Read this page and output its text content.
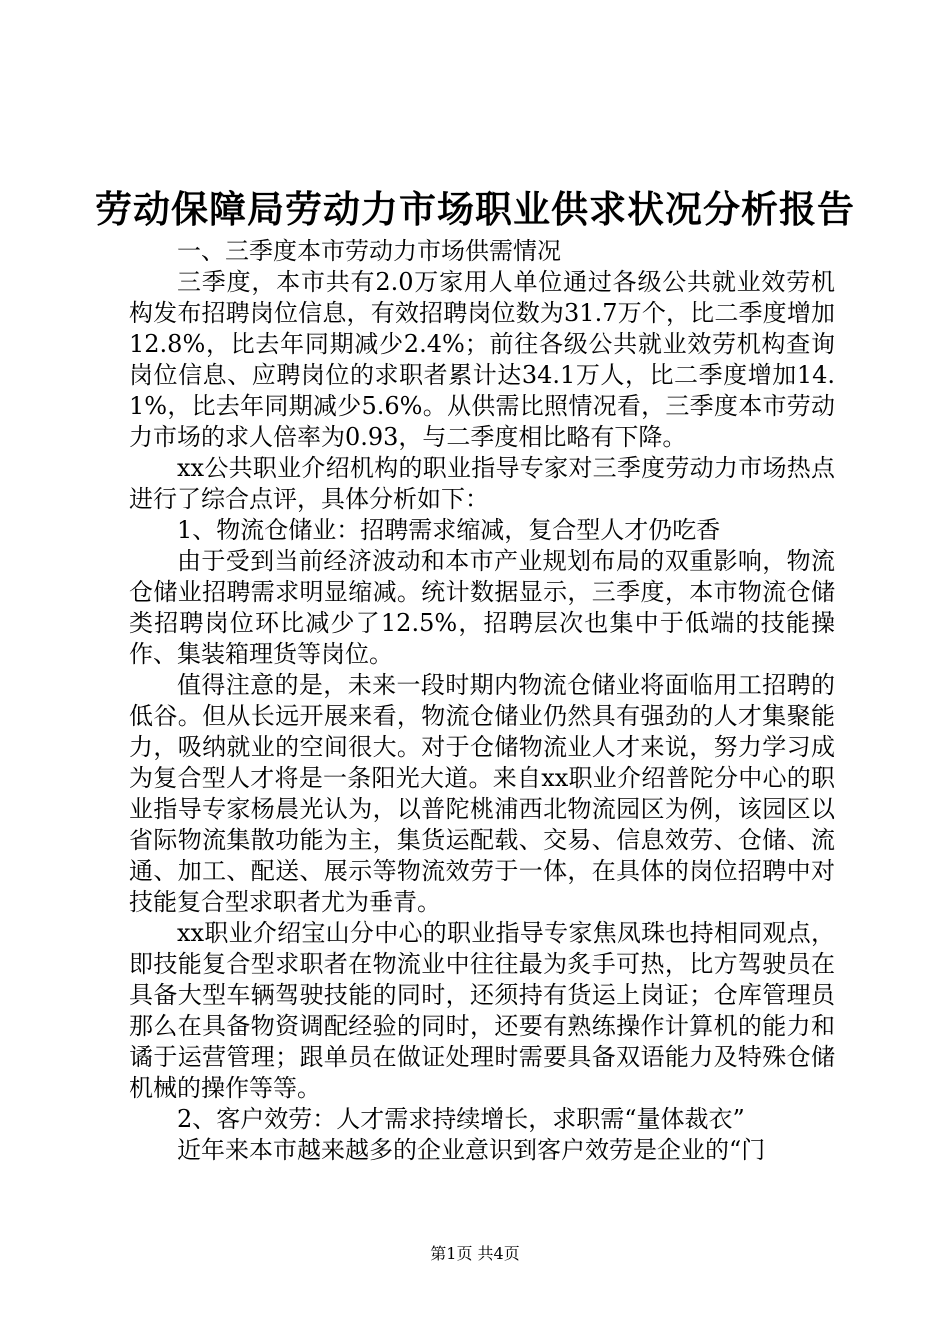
劳动保障局劳动力市场职业供求状况分析报告

一、三季度本市劳动力市场供需情况

三季度，本市共有2.0万家用人单位通过各级公共就业效劳机构发布招聘岗位信息，有效招聘岗位数为31.7万个，比二季度增加12.8%，比去年同期减少2.4%；前往各级公共就业效劳机构查询岗位信息、应聘岗位的求职者累计达34.1万人，比二季度增加14.1%，比去年同期减少5.6%。从供需比照情况看，三季度本市劳动力市场的求人倍率为0.93，与二季度相比略有下降。

xx公共职业介绍机构的职业指导专家对三季度劳动力市场热点进行了综合点评，具体分析如下：

1、物流仓储业：招聘需求缩减，复合型人才仍吃香

由于受到当前经济波动和本市产业规划布局的双重影响，物流仓储业招聘需求明显缩减。统计数据显示，三季度，本市物流仓储类招聘岗位环比减少了12.5%，招聘层次也集中于低端的技能操作、集装箱理货等岗位。

值得注意的是，未来一段时期内物流仓储业将面临用工招聘的低谷。但从长远开展来看，物流仓储业仍然具有强劲的人才集聚能力，吸纳就业的空间很大。对于仓储物流业人才来说，努力学习成为复合型人才将是一条阳光大道。来自xx职业介绍普陀分中心的职业指导专家杨晨光认为，以普陀桃浦西北物流园区为例，该园区以省际物流集散功能为主，集货运配载、交易、信息效劳、仓储、流通、加工、配送、展示等物流效劳于一体，在具体的岗位招聘中对技能复合型求职者尤为垂青。

xx职业介绍宝山分中心的职业指导专家焦凤珠也持相同观点，即技能复合型求职者在物流业中往往最为炙手可热，比方驾驶员在具备大型车辆驾驶技能的同时，还须持有货运上岗证；仓库管理员那么在具备物资调配经验的同时，还要有熟练操作计算机的能力和谲于运营管理；跟单员在做证处理时需要具备双语能力及特殊仓储机械的操作等等。

2、客户效劳：人才需求持续增长，求职需“量体裁衣”

近年来本市越来越多的企业意识到客户效劳是企业的“门

第1页 共4页
